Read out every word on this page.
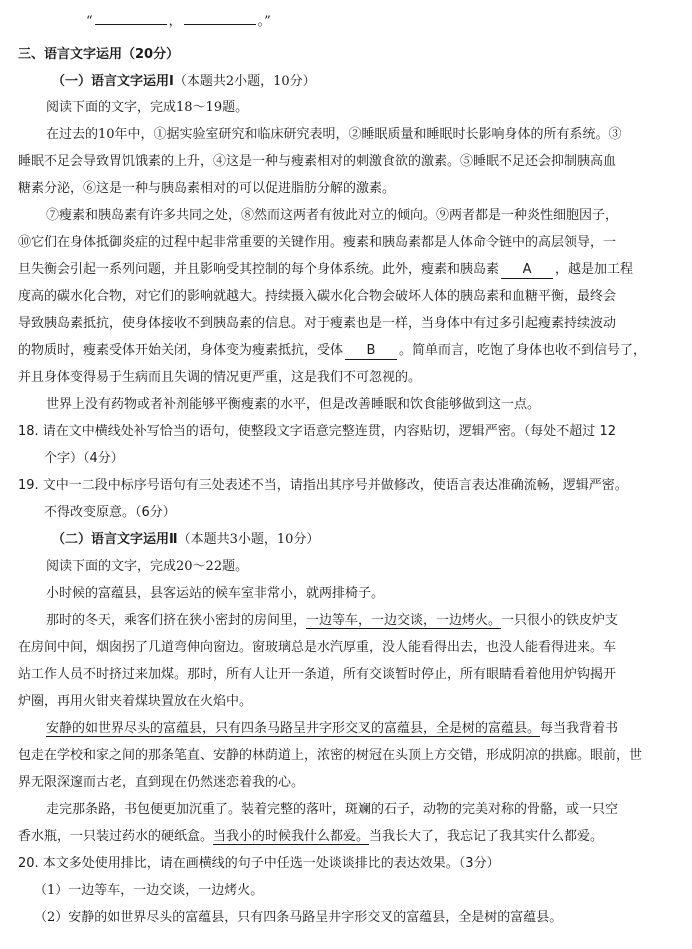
“	，	。”
三、语言文字运用（20分）
（一）语言文字运用Ⅰ（本题共2小题，10分）
阅读下面的文字，完成18～19题。
在过去的10年中，①据实验室研究和临床研究表明，②睡眠质量和睡眠时长影响身体的所有系统。③
睡眠不足会导致胃饥饿素的上升，④这是一种与瘦素相对的刺激食欲的激素。⑤睡眠不足还会抑制胰高血
糖素分泌，⑥这是一种与胰岛素相对的可以促进脂肪分解的激素。
⑦瘦素和胰岛素有许多共同之处，⑧然而这两者有彼此对立的倾向。⑨两者都是一种炎性细胞因子，
⑩它们在身体抵御炎症的过程中起非常重要的关键作用。瘦素和胰岛素都是人体命令链中的高层领导，一
旦失衡会引起一系列问题，并且影响受其控制的每个身体系统。此外，瘦素和胰岛素 A ，越是加工程
度高的碳水化合物，对它们的影响就越大。持续摄入碳水化合物会破坏人体的胰岛素和血糖平衡，最终会
导致胰岛素抵抗，使身体接收不到胰岛素的信息。对于瘦素也是一样，当身体中有过多引起瘦素持续波动
的物质时，瘦素受体开始关闭，身体变为瘦素抵抗，受体 B 。简单而言，吃饱了身体也收不到信号了，
并且身体变得易于生病而且失调的情况更严重，这是我们不可忽视的。
世界上没有药物或者补剂能够平衡瘦素的水平，但是改善睡眠和饮食能够做到这一点。
18. 请在文中横线处补写恰当的语句，使整段文字语意完整连贯，内容贴切，逻辑严密。（每处不超过 12
个字）（4分）
19. 文中一二段中标序号语句有三处表述不当，请指出其序号并做修改，使语言表达准确流畅，逻辑严密。
不得改变原意。（6分）
（二）语言文字运用Ⅱ（本题共3小题，10分）
阅读下面的文字，完成20～22题。
小时候的富蕴县，县客运站的候车室非常小，就两排椅子。
那时的冬天，乘客们挤在狭小密封的房间里，一边等车，一边交谈，一边烤火。一只很小的铁皮炉支
在房间中间，烟囱拐了几道弯伸向窗边。窗玻璃总是水汽厚重，没人能看得出去，也没人能看得进来。车
站工作人员不时挤过来加煤。那时，所有人让开一条道，所有交谈暂时停止，所有眼睛看着他用炉钩揭开
炉圈，再用火钳夹着煤块置放在火焰中。
安静的如世界尽头的富蕴县，只有四条马路呈井字形交叉的富蕴县，全是树的富蕴县。每当我背着书
包走在学校和家之间的那条笔直、安静的林荫道上，浓密的树冠在头顶上方交错，形成阴凉的拱廊。眼前，世
界无限深邃而古老，直到现在仍然迷恋着我的心。
走完那条路，书包便更加沉重了。装着完整的落叶，斑斓的石子，动物的完美对称的骨骼，或一只空
香水瓶，一只装过药水的硬纸盒。当我小的时候我什么都爱。当我长大了，我忘记了我其实什么都爱。
20. 本文多处使用排比，请在画横线的句子中任选一处谈谈排比的表达效果。（3分）
（1）一边等车，一边交谈，一边烤火。
（2）安静的如世界尽头的富蕴县，只有四条马路呈井字形交叉的富蕴县，全是树的富蕴县。
